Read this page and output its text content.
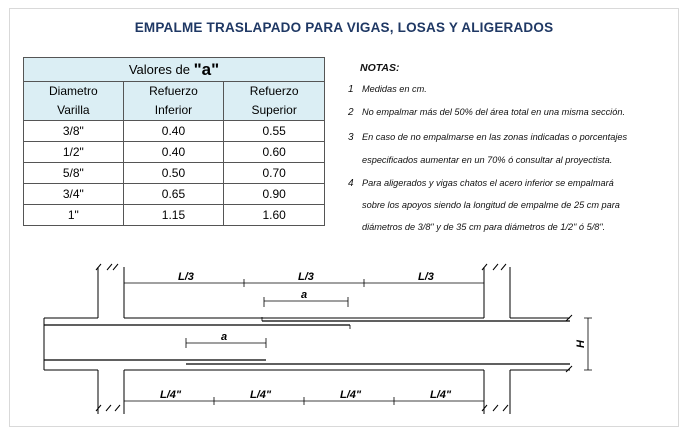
EMPALME TRASLAPADO PARA VIGAS, LOSAS Y ALIGERADOS
Valores de "a"		
Diametro	Refuerzo	Refuerzo
Varilla	Inferior	Superior
3/8"	0.40	0.55
1/2"	0.40	0.60
5/8"	0.50	0.70
3/4"	0.65	0.90
1"	1.15	1.60
NOTAS:
1 Medidas en cm.
2 No empalmar más del 50% del área total en una misma sección.
3 En caso de no empalmarse en las zonas indicadas o porcentajes
especificados aumentar en un 70% ó consultar al proyectista.
4 Para aligerados y vigas chatos el acero inferior se empalmará
sobre los apoyos siendo la longitud de empalme de 25 cm para
diámetros de 3/8" y de 35 cm para diámetros de 1/2" ó 5/8".
L/3	L/3	L/3
a
a
L/4"	L/4"	L/4"	L/4"
H
